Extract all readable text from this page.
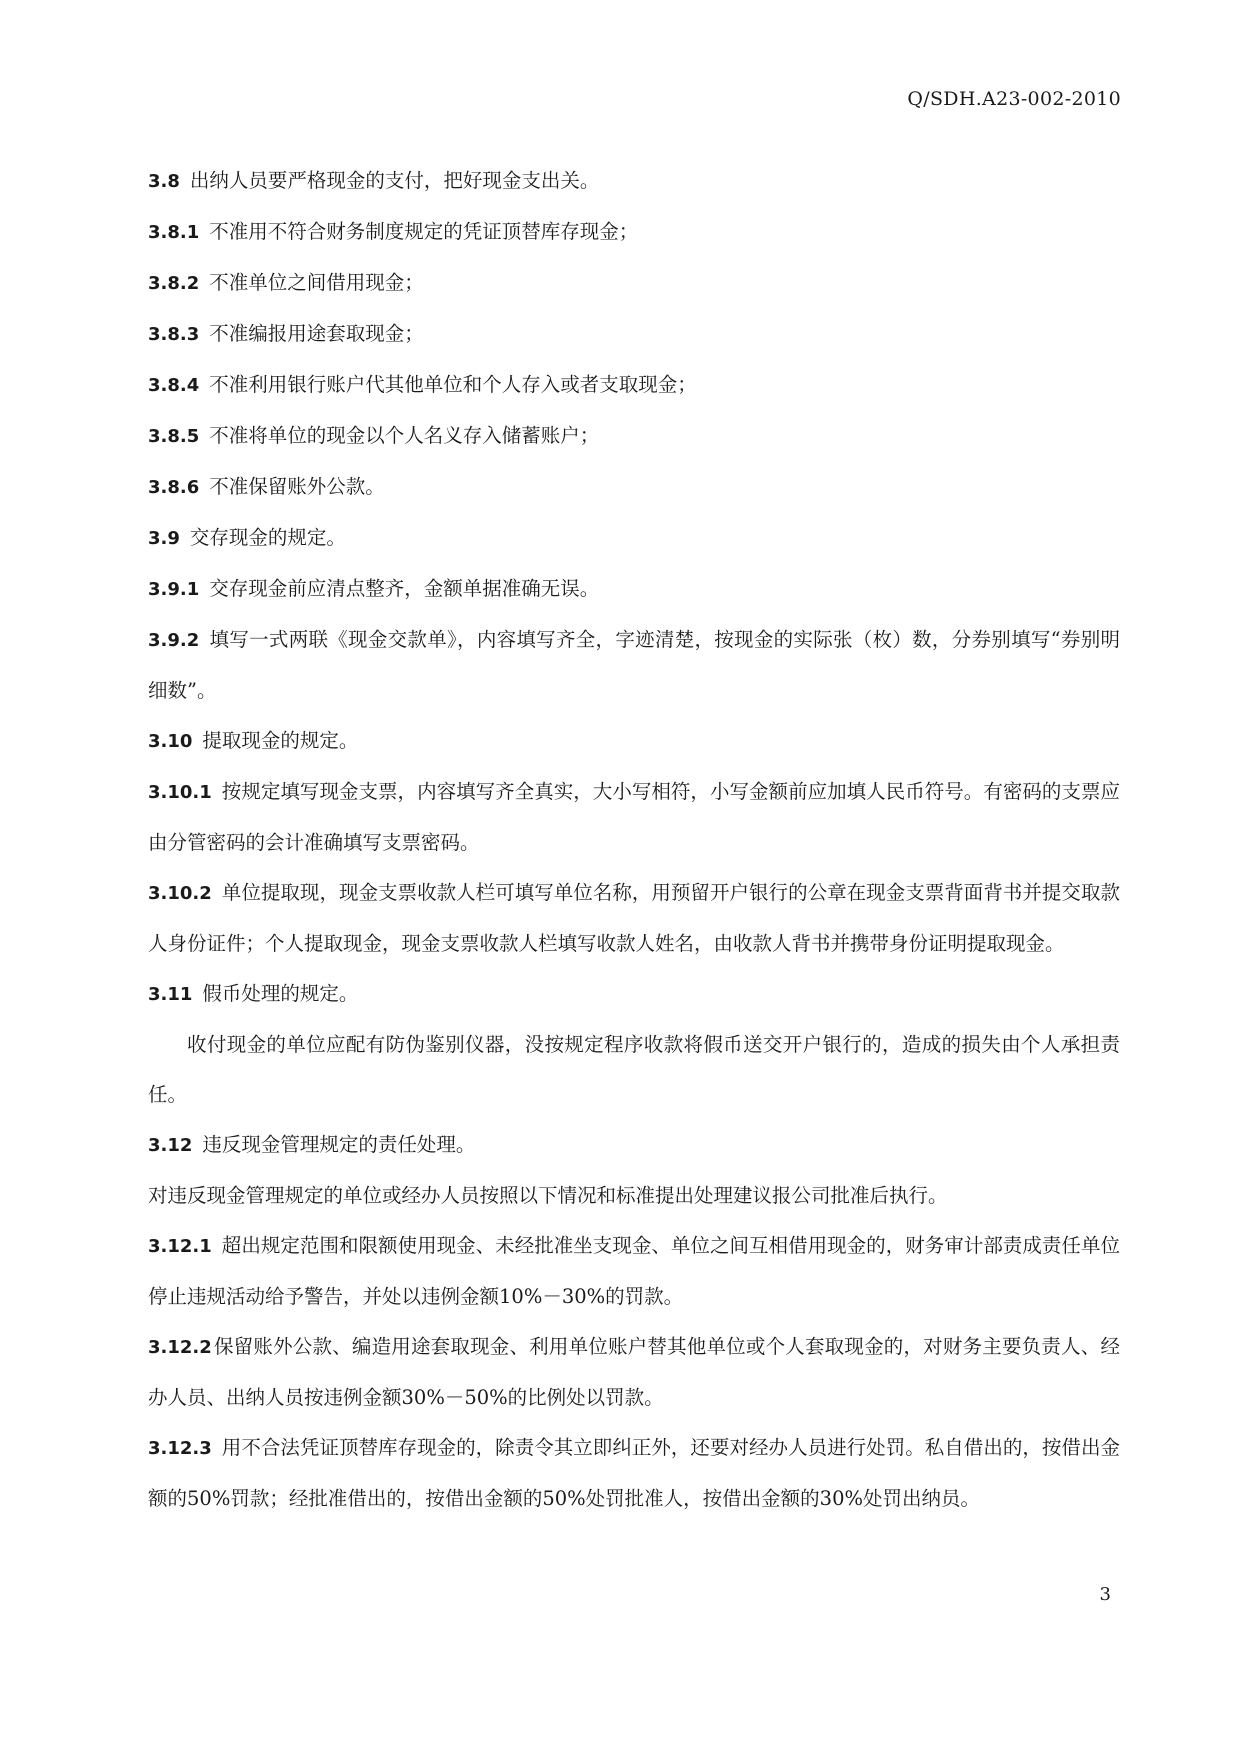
Q/SDH.A23-002-2010

3.8 出纳人员要严格现金的支付，把好现金支出关。

3.8.1 不准用不符合财务制度规定的凭证顶替库存现金；

3.8.2 不准单位之间借用现金；

3.8.3 不准编报用途套取现金；

3.8.4 不准利用银行账户代其他单位和个人存入或者支取现金；

3.8.5 不准将单位的现金以个人名义存入储蓄账户；

3.8.6 不准保留账外公款。

3.9 交存现金的规定。

3.9.1 交存现金前应清点整齐，金额单据准确无误。

3.9.2 填写一式两联《现金交款单》，内容填写齐全，字迹清楚，按现金的实际张（枚）数，分券别填写“券别明细数”。

3.10 提取现金的规定。

3.10.1 按规定填写现金支票，内容填写齐全真实，大小写相符，小写金额前应加填人民币符号。有密码的支票应由分管密码的会计准确填写支票密码。

3.10.2 单位提取现，现金支票收款人栏可填写单位名称，用预留开户银行的公章在现金支票背面背书并提交取款人身份证件；个人提取现金，现金支票收款人栏填写收款人姓名，由收款人背书并携带身份证明提取现金。

3.11 假币处理的规定。

收付现金的单位应配有防伪鉴别仪器，没按规定程序收款将假币送交开户银行的，造成的损失由个人承担责任。

3.12 违反现金管理规定的责任处理。

对违反现金管理规定的单位或经办人员按照以下情况和标准提出处理建议报公司批准后执行。

3.12.1 超出规定范围和限额使用现金、未经批准坐支现金、单位之间互相借用现金的，财务审计部责成责任单位停止违规活动给予警告，并处以违例金额10%－30%的罚款。

3.12.2 保留账外公款、编造用途套取现金、利用单位账户替其他单位或个人套取现金的，对财务主要负责人、经办人员、出纳人员按违例金额30%－50%的比例处以罚款。

3.12.3 用不合法凭证顶替库存现金的，除责令其立即纠正外，还要对经办人员进行处罚。私自借出的，按借出金额的50%罚款；经批准借出的，按借出金额的50%处罚批准人，按借出金额的30%处罚出纳员。

3
